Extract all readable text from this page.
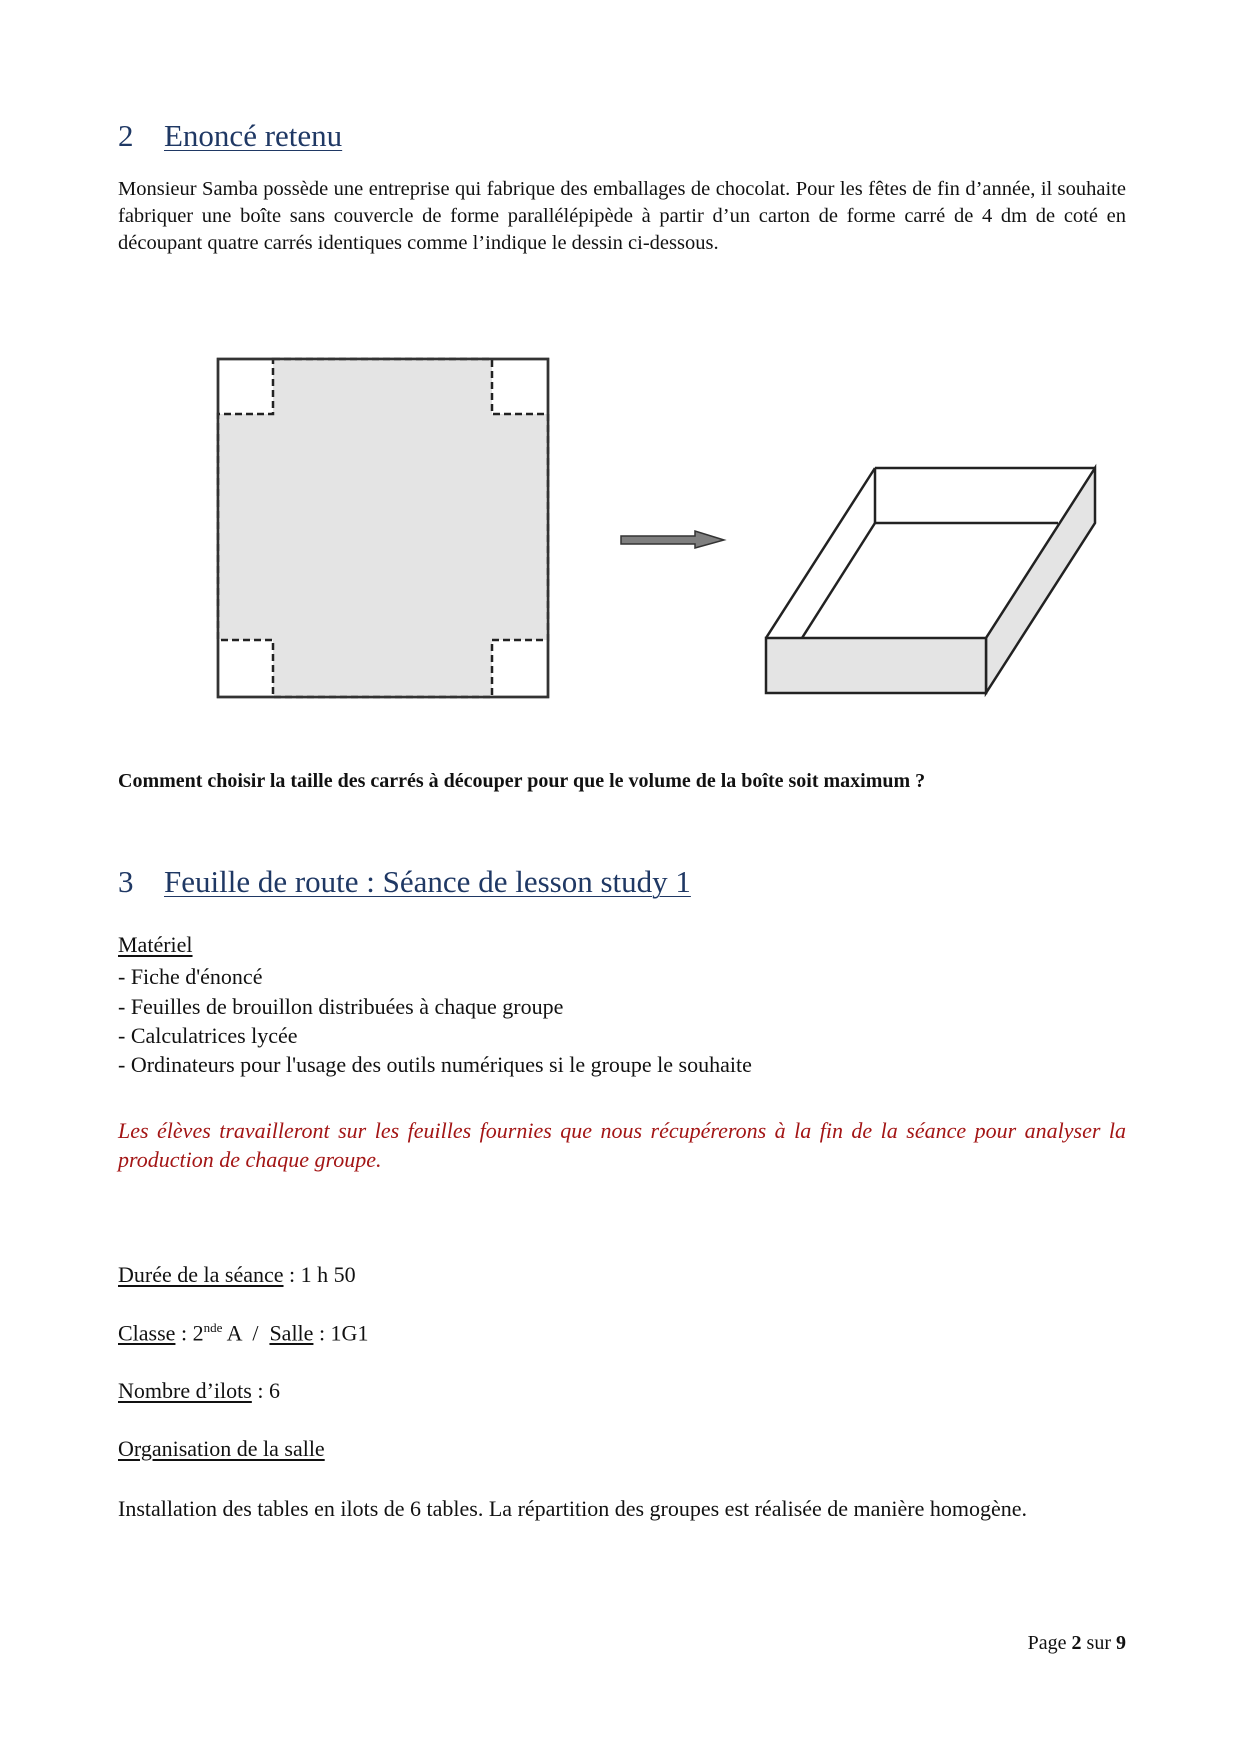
2 Enoncé retenu
Monsieur Samba possède une entreprise qui fabrique des emballages de chocolat. Pour les fêtes de fin d’année, il souhaite fabriquer une boîte sans couvercle de forme parallélépipède à partir d’un carton de forme carré de 4 dm de coté en découpant quatre carrés identiques comme l’indique le dessin ci-dessous.
Comment choisir la taille des carrés à découper pour que le volume de la boîte soit maximum ?
3 Feuille de route : Séance de lesson study 1
Matériel
- Fiche d'énoncé
- Feuilles de brouillon distribuées à chaque groupe
- Calculatrices lycée
- Ordinateurs pour l'usage des outils numériques si le groupe le souhaite
Les élèves travailleront sur les feuilles fournies que nous récupérerons à la fin de la séance pour analyser la production de chaque groupe.
Durée de la séance : 1 h 50
Classe : 2nde A  /  Salle : 1G1
Nombre d’ilots : 6
Organisation de la salle
Installation des tables en ilots de 6 tables. La répartition des groupes est réalisée de manière homogène.
Page 2 sur 9
